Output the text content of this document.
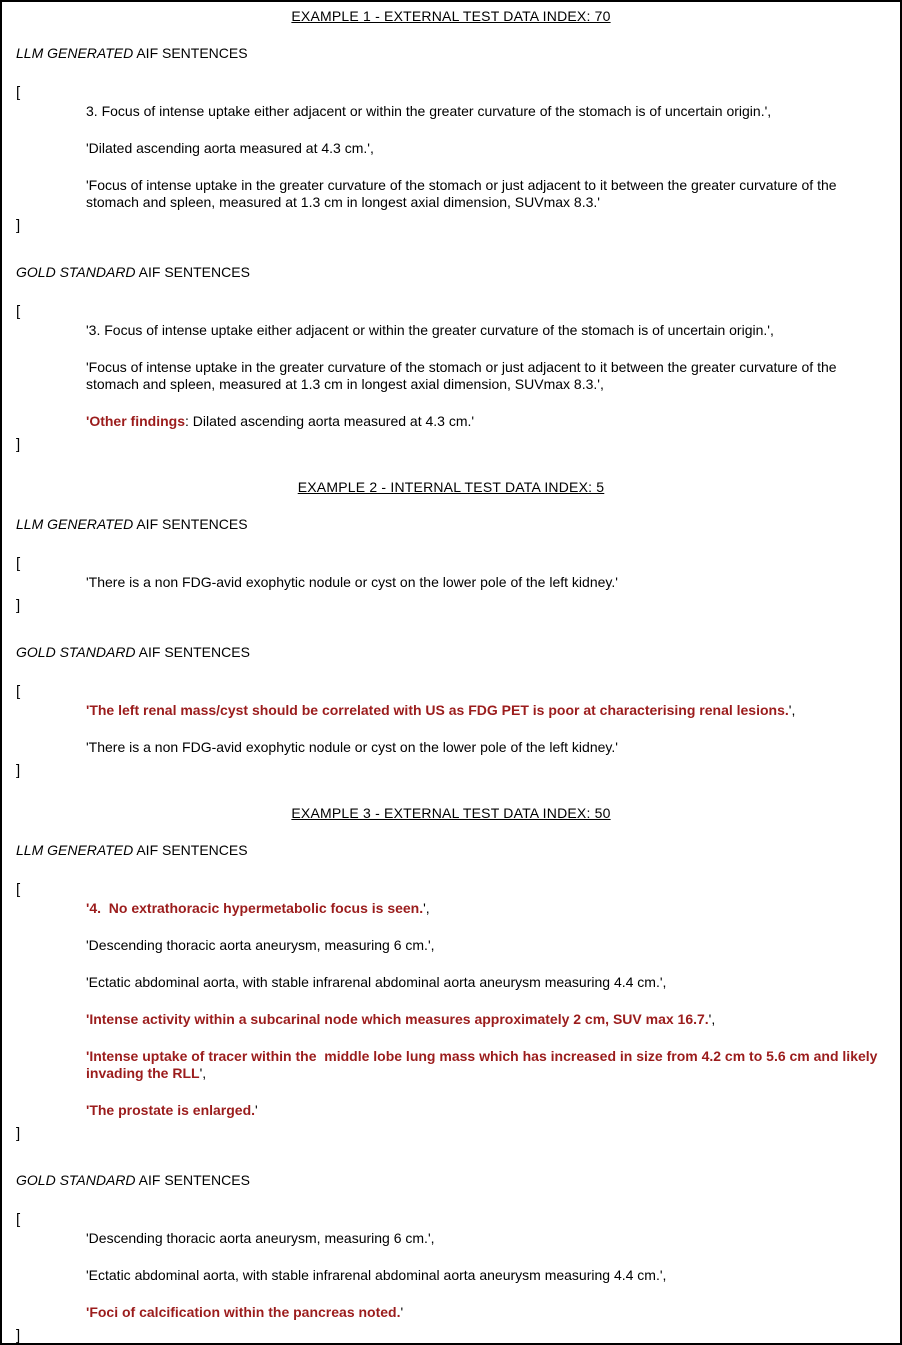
EXAMPLE 1 - EXTERNAL TEST DATA INDEX: 70
LLM GENERATED AIF SENTENCES
[

3. Focus of intense uptake either adjacent or within the greater curvature of the stomach is of uncertain origin.',

'Dilated ascending aorta measured at 4.3 cm.',

'Focus of intense uptake in the greater curvature of the stomach or just adjacent to it between the greater curvature of the stomach and spleen, measured at 1.3 cm in longest axial dimension, SUVmax 8.3.'

]
GOLD STANDARD AIF SENTENCES
[

'3. Focus of intense uptake either adjacent or within the greater curvature of the stomach is of uncertain origin.',

'Focus of intense uptake in the greater curvature of the stomach or just adjacent to it between the greater curvature of the stomach and spleen, measured at 1.3 cm in longest axial dimension, SUVmax 8.3.',

'Other findings: Dilated ascending aorta measured at 4.3 cm.'

]
EXAMPLE 2 - INTERNAL TEST DATA INDEX: 5
LLM GENERATED AIF SENTENCES
[

'There is a non FDG-avid exophytic nodule or cyst on the lower pole of the left kidney.'

]
GOLD STANDARD AIF SENTENCES
[

'The left renal mass/cyst should be correlated with US as FDG PET is poor at characterising renal lesions.',

'There is a non FDG-avid exophytic nodule or cyst on the lower pole of the left kidney.'

]
EXAMPLE 3 - EXTERNAL TEST DATA INDEX: 50
LLM GENERATED AIF SENTENCES
[

'4.  No extrathoracic hypermetabolic focus is seen.',

'Descending thoracic aorta aneurysm, measuring 6 cm.',

'Ectatic abdominal aorta, with stable infrarenal abdominal aorta aneurysm measuring 4.4 cm.',

'Intense activity within a subcarinal node which measures approximately 2 cm, SUV max 16.7.',

'Intense uptake of tracer within the  middle lobe lung mass which has increased in size from 4.2 cm to 5.6 cm and likely invading the RLL',

'The prostate is enlarged.'

]
GOLD STANDARD AIF SENTENCES
[

'Descending thoracic aorta aneurysm, measuring 6 cm.',

'Ectatic abdominal aorta, with stable infrarenal abdominal aorta aneurysm measuring 4.4 cm.',

'Foci of calcification within the pancreas noted.'

]
